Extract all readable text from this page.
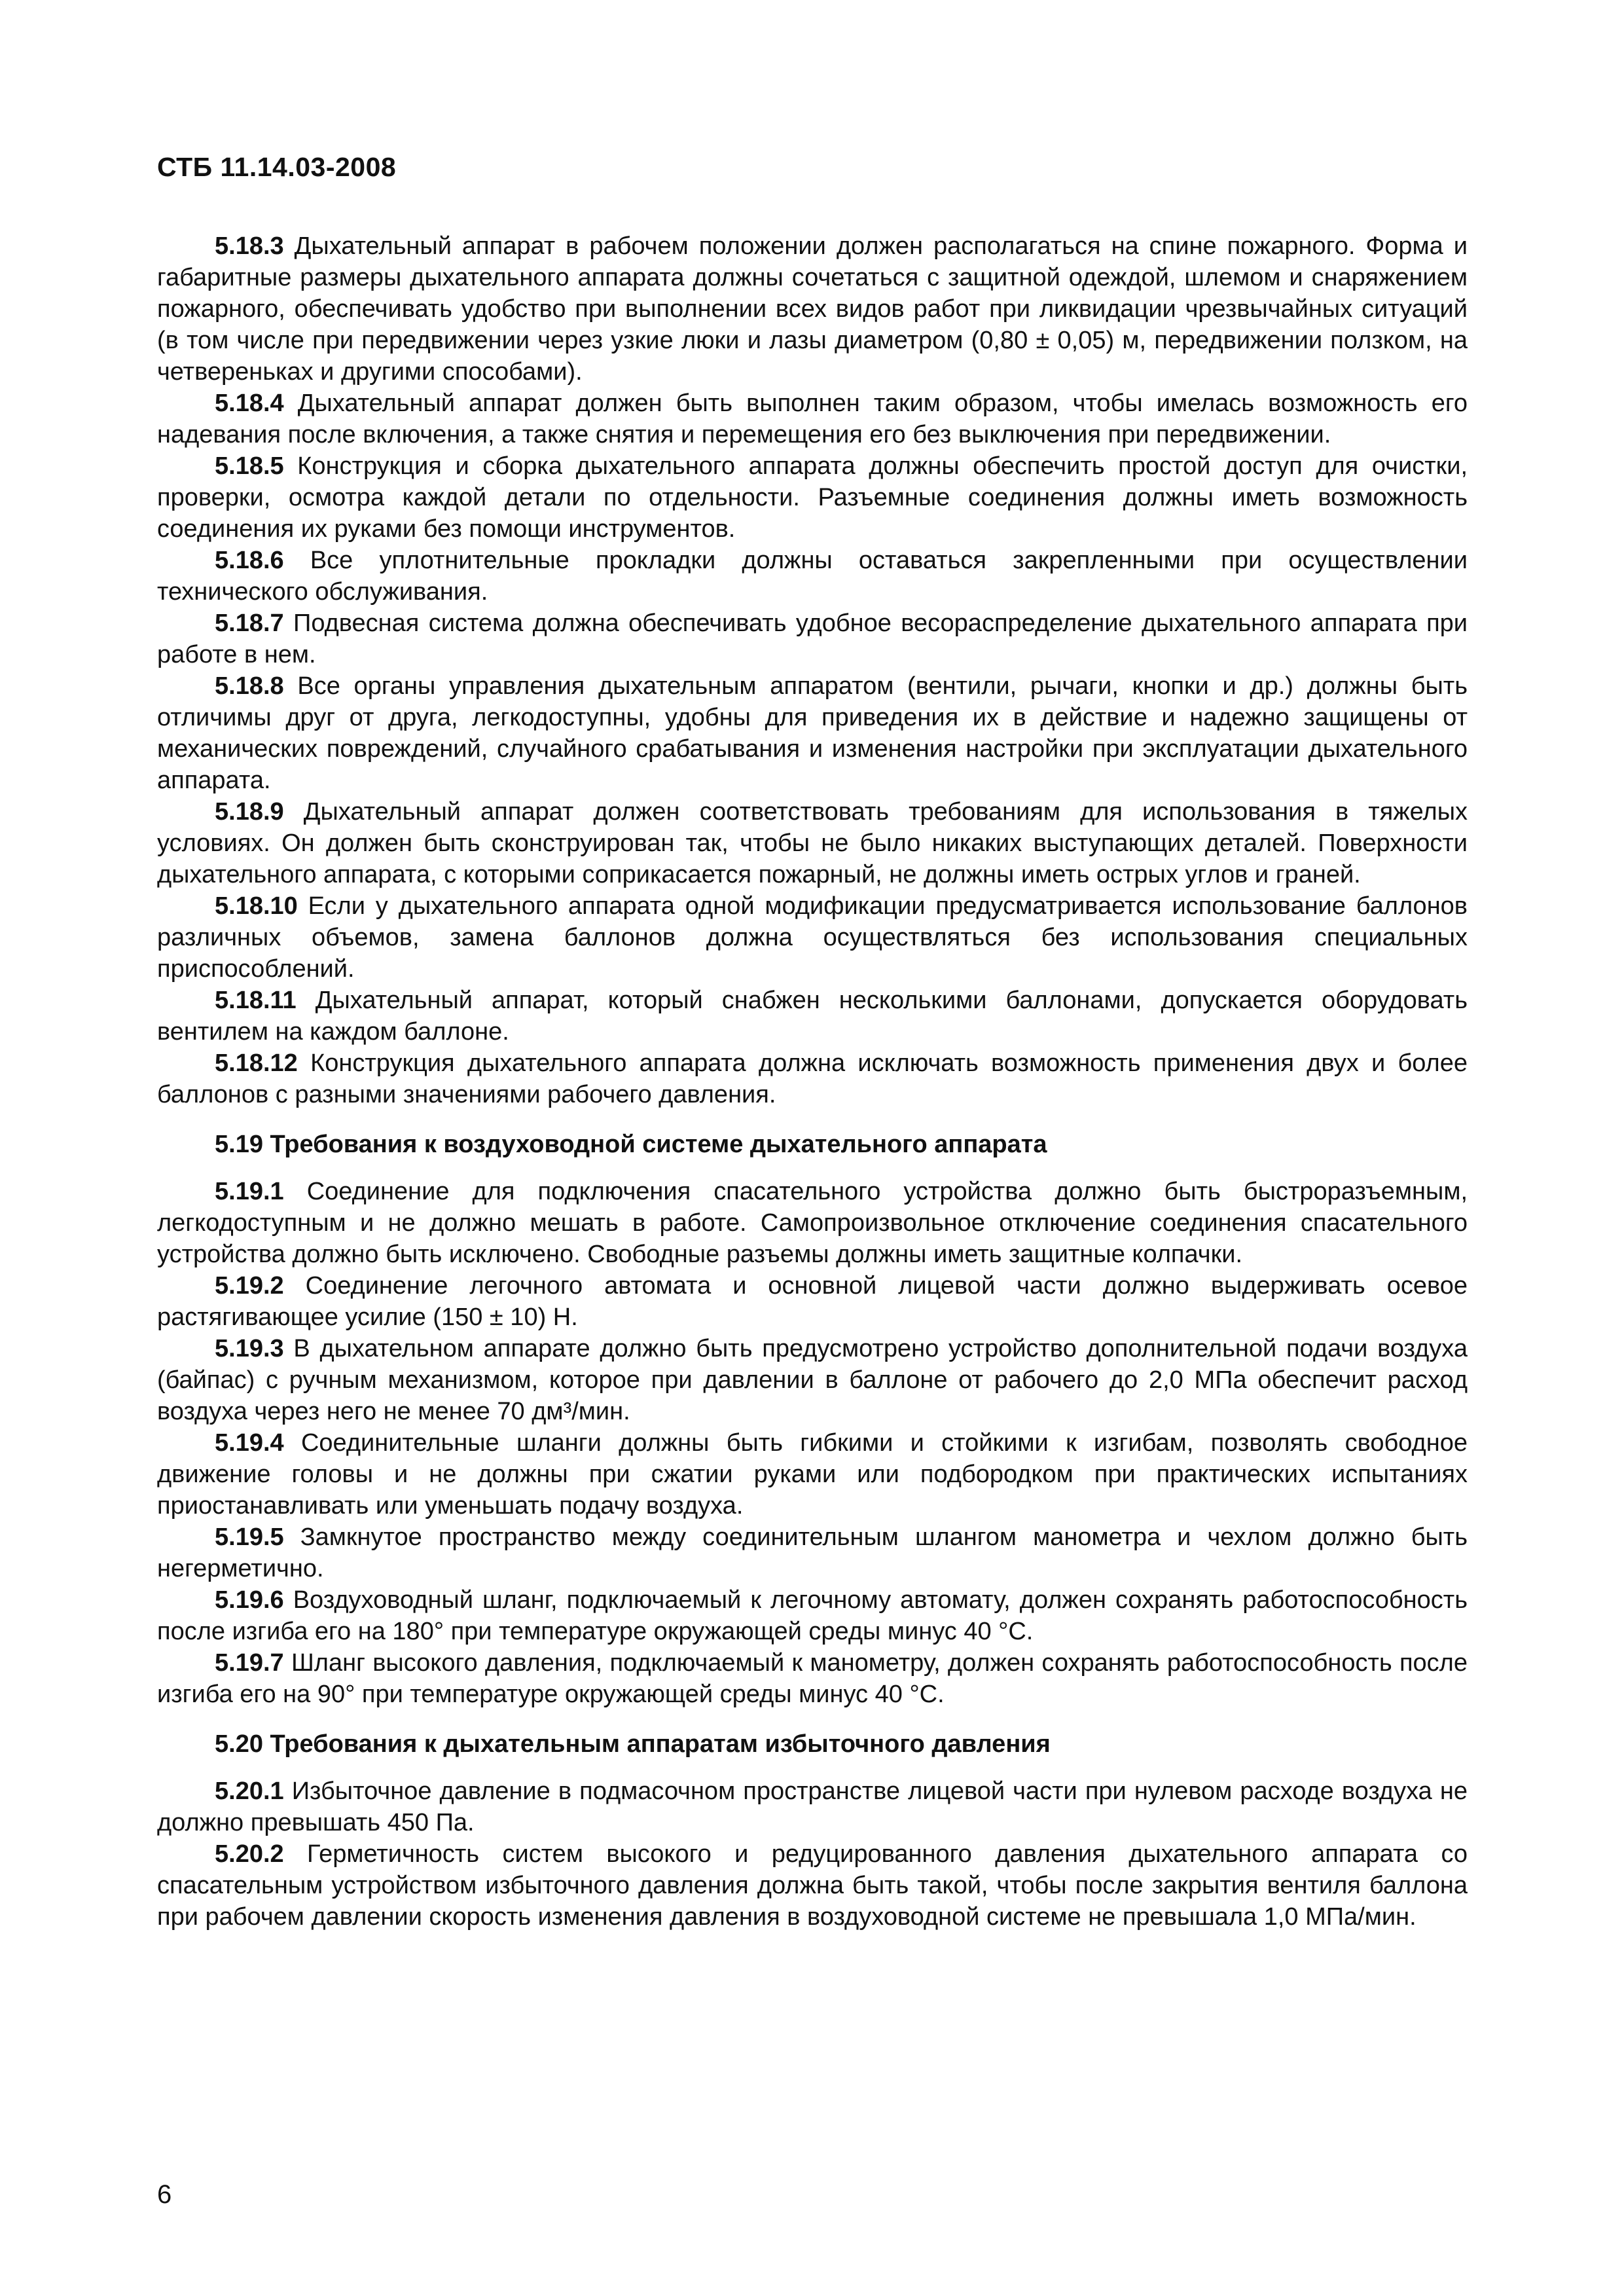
СТБ 11.14.03-2008

5.18.3 Дыхательный аппарат в рабочем положении должен располагаться на спине пожарного. Форма и габаритные размеры дыхательного аппарата должны сочетаться с защитной одеждой, шлемом и снаряжением пожарного, обеспечивать удобство при выполнении всех видов работ при ликвидации чрезвычайных ситуаций (в том числе при передвижении через узкие люки и лазы диаметром (0,80 ± 0,05) м, передвижении ползком, на четвереньках и другими способами).

5.18.4 Дыхательный аппарат должен быть выполнен таким образом, чтобы имелась возможность его надевания после включения, а также снятия и перемещения его без выключения при передвижении.

5.18.5 Конструкция и сборка дыхательного аппарата должны обеспечить простой доступ для очистки, проверки, осмотра каждой детали по отдельности. Разъемные соединения должны иметь возможность соединения их руками без помощи инструментов.

5.18.6 Все уплотнительные прокладки должны оставаться закрепленными при осуществлении технического обслуживания.

5.18.7 Подвесная система должна обеспечивать удобное весораспределение дыхательного аппарата при работе в нем.

5.18.8 Все органы управления дыхательным аппаратом (вентили, рычаги, кнопки и др.) должны быть отличимы друг от друга, легкодоступны, удобны для приведения их в действие и надежно защищены от механических повреждений, случайного срабатывания и изменения настройки при эксплуатации дыхательного аппарата.

5.18.9 Дыхательный аппарат должен соответствовать требованиям для использования в тяжелых условиях. Он должен быть сконструирован так, чтобы не было никаких выступающих деталей. Поверхности дыхательного аппарата, с которыми соприкасается пожарный, не должны иметь острых углов и граней.

5.18.10 Если у дыхательного аппарата одной модификации предусматривается использование баллонов различных объемов, замена баллонов должна осуществляться без использования специальных приспособлений.

5.18.11 Дыхательный аппарат, который снабжен несколькими баллонами, допускается оборудовать вентилем на каждом баллоне.

5.18.12 Конструкция дыхательного аппарата должна исключать возможность применения двух и более баллонов с разными значениями рабочего давления.

5.19 Требования к воздуховодной системе дыхательного аппарата

5.19.1 Соединение для подключения спасательного устройства должно быть быстроразъемным, легкодоступным и не должно мешать в работе. Самопроизвольное отключение соединения спасательного устройства должно быть исключено. Свободные разъемы должны иметь защитные колпачки.

5.19.2 Соединение легочного автомата и основной лицевой части должно выдерживать осевое растягивающее усилие (150 ± 10) Н.

5.19.3 В дыхательном аппарате должно быть предусмотрено устройство дополнительной подачи воздуха (байпас) с ручным механизмом, которое при давлении в баллоне от рабочего до 2,0 МПа обеспечит расход воздуха через него не менее 70 дм³/мин.

5.19.4 Соединительные шланги должны быть гибкими и стойкими к изгибам, позволять свободное движение головы и не должны при сжатии руками или подбородком при практических испытаниях приостанавливать или уменьшать подачу воздуха.

5.19.5 Замкнутое пространство между соединительным шлангом манометра и чехлом должно быть негерметично.

5.19.6 Воздуховодный шланг, подключаемый к легочному автомату, должен сохранять работоспособность после изгиба его на 180° при температуре окружающей среды минус 40 °С.

5.19.7 Шланг высокого давления, подключаемый к манометру, должен сохранять работоспособность после изгиба его на 90° при температуре окружающей среды минус 40 °С.

5.20 Требования к дыхательным аппаратам избыточного давления

5.20.1 Избыточное давление в подмасочном пространстве лицевой части при нулевом расходе воздуха не должно превышать 450 Па.

5.20.2 Герметичность систем высокого и редуцированного давления дыхательного аппарата со спасательным устройством избыточного давления должна быть такой, чтобы после закрытия вентиля баллона при рабочем давлении скорость изменения давления в воздуховодной системе не превышала 1,0 МПа/мин.

6
